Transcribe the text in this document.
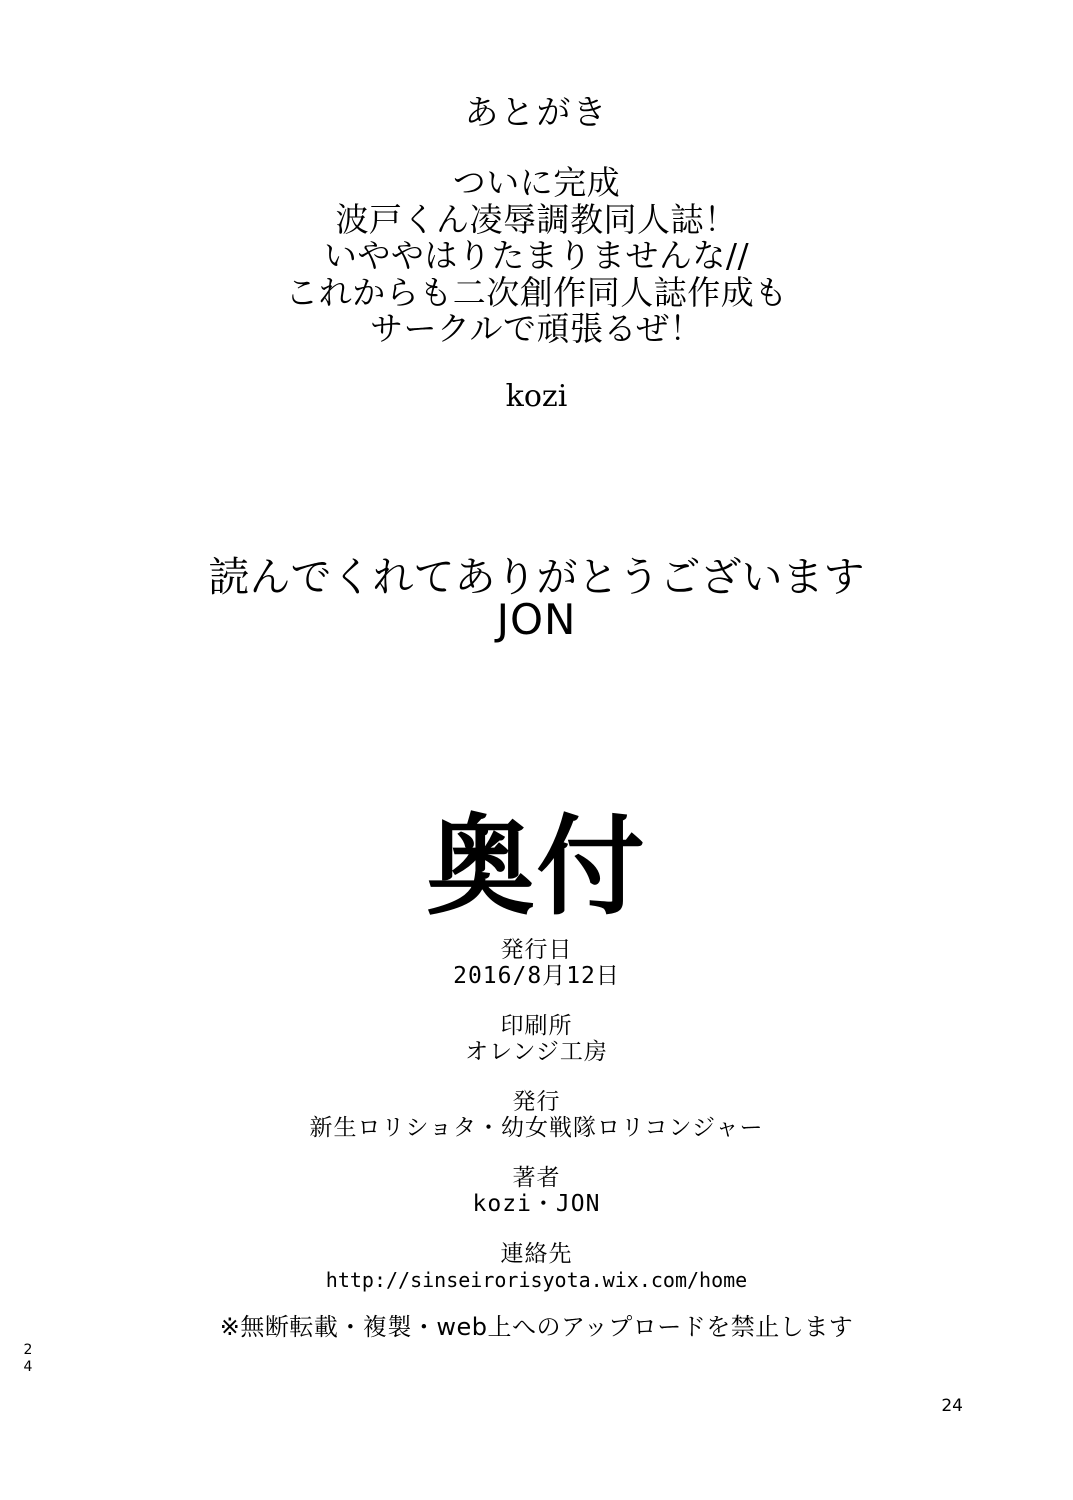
あとがき
ついに完成
波戸くん凌辱調教同人誌！
いややはりたまりませんな//
これからも二次創作同人誌作成も
サークルで頑張るぜ！
kozi
読んでくれてありがとうございます
JON
奥付
発行日
2016/8月12日
印刷所
オレンジ工房
発行
新生ロリショタ・幼女戦隊ロリコンジャー
著者
kozi・JON
連絡先
http://sinseirorisyota.wix.com/home
※無断転載・複製・web上へのアップロードを禁止します
24
24
